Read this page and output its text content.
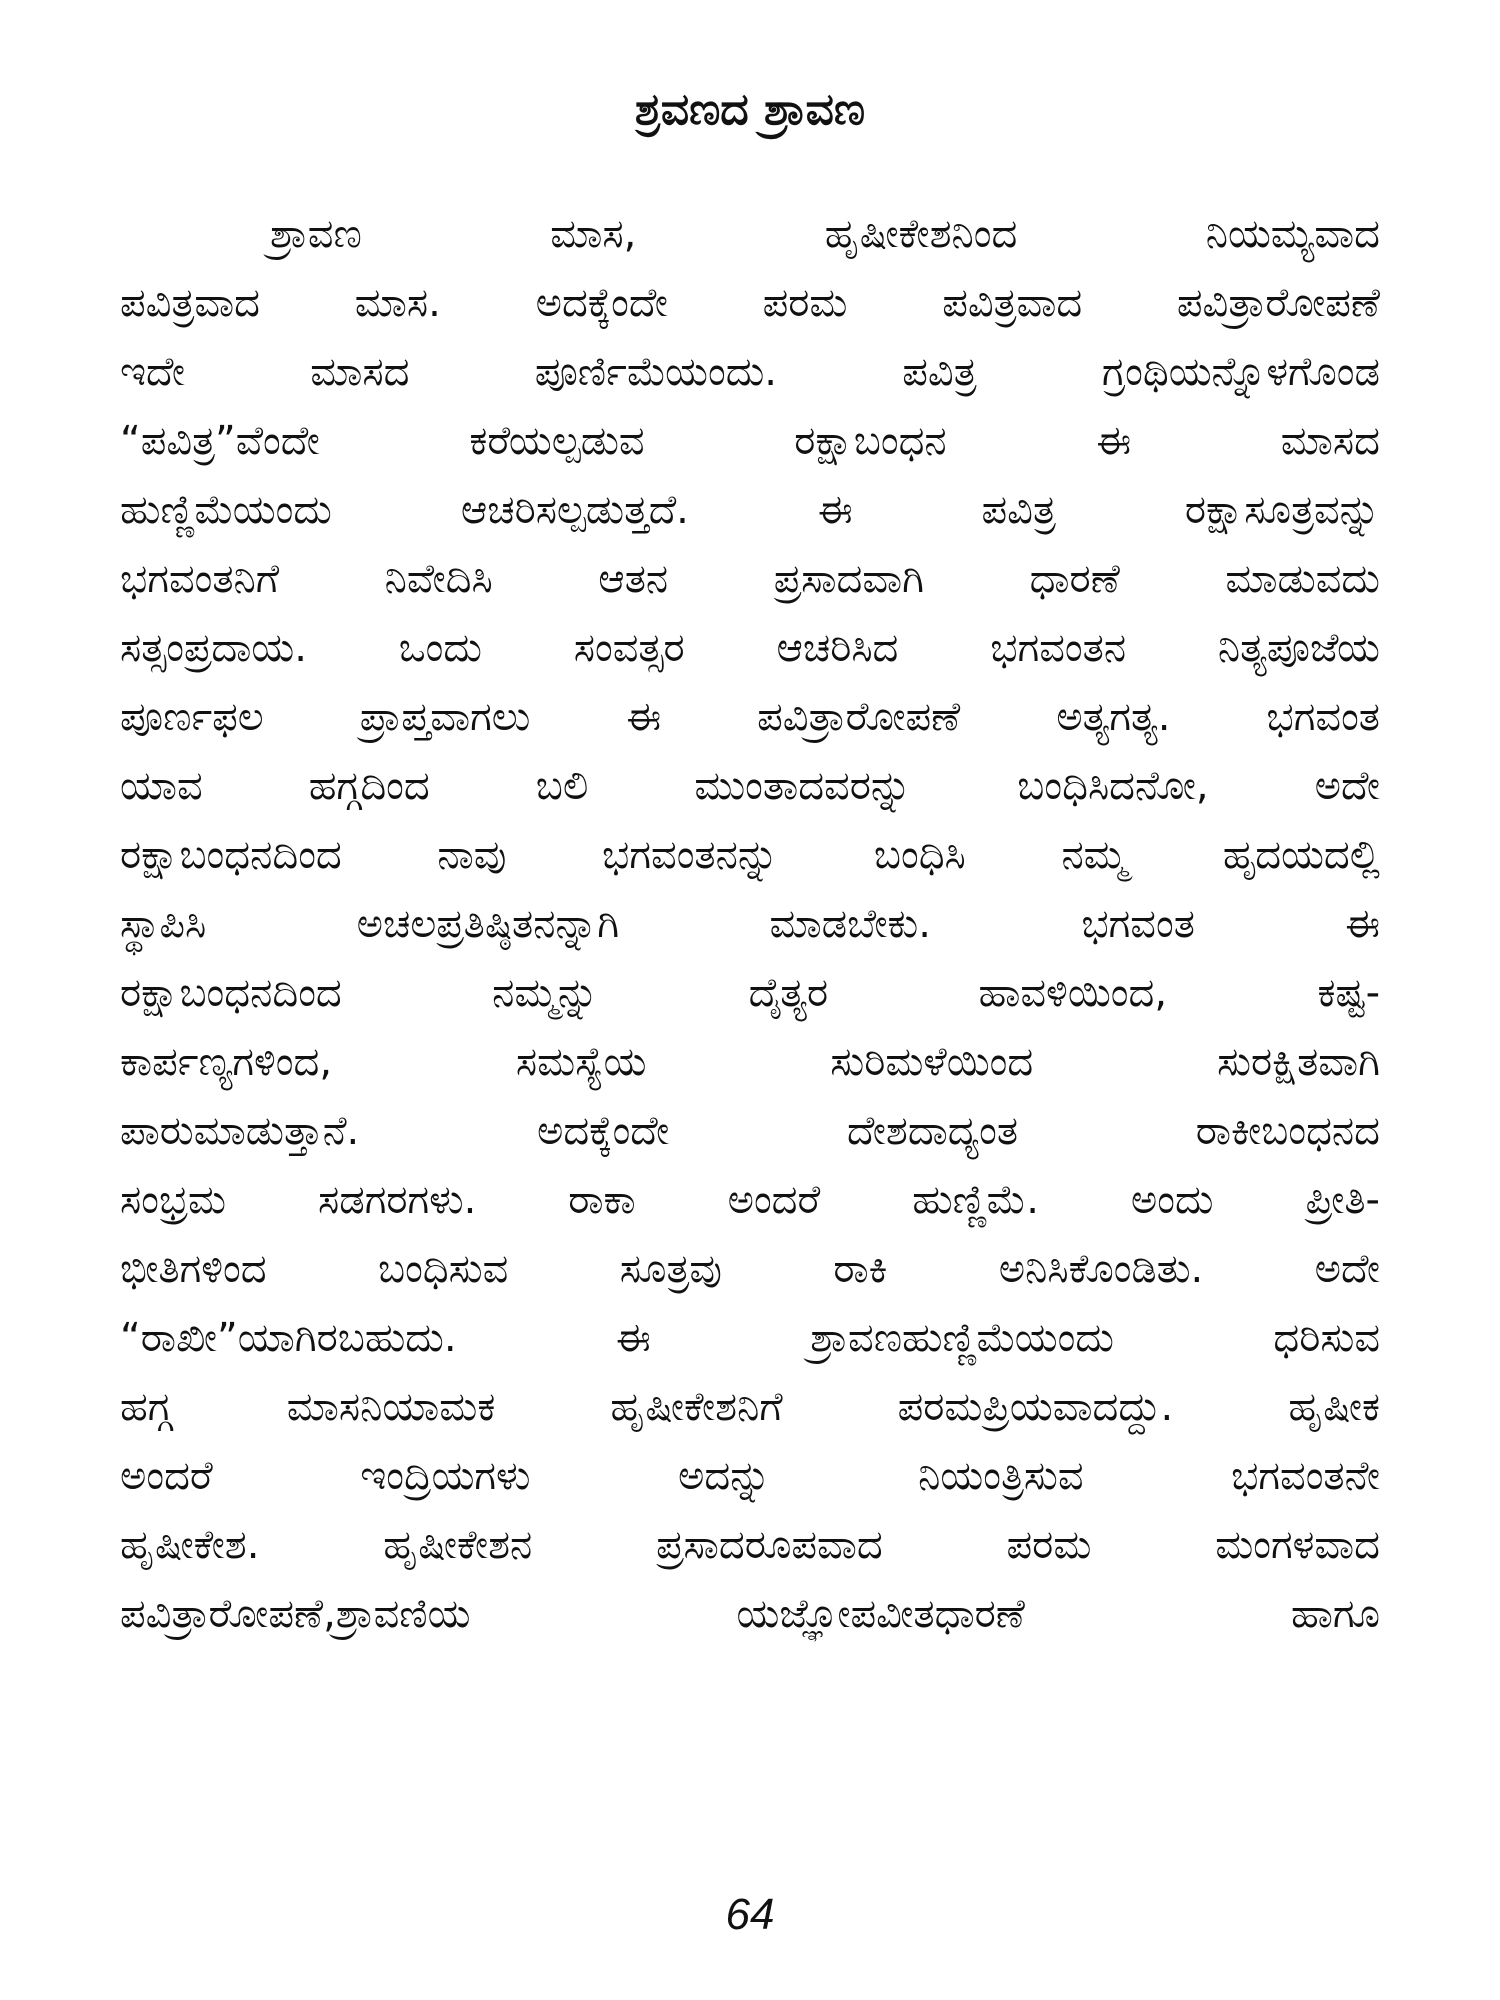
ಶ್ರವಣದ ಶ್ರಾವಣ
ಶ್ರಾವಣ ಮಾಸ, ಹೃಷೀಕೇಶನಿಂದ ನಿಯಮ್ಯವಾದ
ಪವಿತ್ರವಾದ ಮಾಸ. ಅದಕ್ಕೆಂದೇ ಪರಮ ಪವಿತ್ರವಾದ ಪವಿತ್ರಾರೋಪಣೆ
ಇದೇ ಮಾಸದ ಪೂರ್ಣಿಮೆಯಂದು. ಪವಿತ್ರ ಗ್ರಂಥಿಯನ್ನೊಳಗೊಂಡ
“ಪವಿತ್ರ”ವೆಂದೇ ಕರೆಯಲ್ಪಡುವ ರಕ್ಷಾಬಂಧನ ಈ ಮಾಸದ
ಹುಣ್ಣಿಮೆಯಂದು ಆಚರಿಸಲ್ಪಡುತ್ತದೆ. ಈ ಪವಿತ್ರ ರಕ್ಷಾಸೂತ್ರವನ್ನು
ಭಗವಂತನಿಗೆ ನಿವೇದಿಸಿ ಆತನ ಪ್ರಸಾದವಾಗಿ ಧಾರಣೆ ಮಾಡುವದು
ಸತ್ಸಂಪ್ರದಾಯ. ಒಂದು ಸಂವತ್ಸರ ಆಚರಿಸಿದ ಭಗವಂತನ ನಿತ್ಯಪೂಜೆಯ
ಪೂರ್ಣಫಲ ಪ್ರಾಪ್ತವಾಗಲು ಈ ಪವಿತ್ರಾರೋಪಣೆ ಅತ್ಯಗತ್ಯ. ಭಗವಂತ
ಯಾವ ಹಗ್ಗದಿಂದ ಬಲಿ ಮುಂತಾದವರನ್ನು ಬಂಧಿಸಿದನೋ, ಅದೇ
ರಕ್ಷಾಬಂಧನದಿಂದ ನಾವು ಭಗವಂತನನ್ನು ಬಂಧಿಸಿ ನಮ್ಮ ಹೃದಯದಲ್ಲಿ
ಸ್ಥಾಪಿಸಿ ಅಚಲಪ್ರತಿಷ್ಠಿತನನ್ನಾಗಿ ಮಾಡಬೇಕು. ಭಗವಂತ ಈ
ರಕ್ಷಾಬಂಧನದಿಂದ ನಮ್ಮನ್ನು ದೈತ್ಯರ ಹಾವಳಿಯಿಂದ, ಕಷ್ಟ-
ಕಾರ್ಪಣ್ಯಗಳಿಂದ, ಸಮಸ್ಯೆಯ ಸುರಿಮಳೆಯಿಂದ ಸುರಕ್ಷಿತವಾಗಿ
ಪಾರುಮಾಡುತ್ತಾನೆ. ಅದಕ್ಕೆಂದೇ ದೇಶದಾದ್ಯಂತ ರಾಕೀಬಂಧನದ
ಸಂಭ್ರಮ ಸಡಗರಗಳು. ರಾಕಾ ಅಂದರೆ ಹುಣ್ಣಿಮೆ. ಅಂದು ಪ್ರೀತಿ-
ಭೀತಿಗಳಿಂದ ಬಂಧಿಸುವ ಸೂತ್ರವು ರಾಕಿ ಅನಿಸಿಕೊಂಡಿತು. ಅದೇ
“ರಾಖೀ”ಯಾಗಿರಬಹುದು. ಈ ಶ್ರಾವಣಹುಣ್ಣಿಮೆಯಂದು ಧರಿಸುವ
ಹಗ್ಗ ಮಾಸನಿಯಾಮಕ ಹೃಷೀಕೇಶನಿಗೆ ಪರಮಪ್ರಿಯವಾದದ್ದು. ಹೃಷೀಕ
ಅಂದರೆ ಇಂದ್ರಿಯಗಳು ಅದನ್ನು ನಿಯಂತ್ರಿಸುವ ಭಗವಂತನೇ
ಹೃಷೀಕೇಶ. ಹೃಷೀಕೇಶನ ಪ್ರಸಾದರೂಪವಾದ ಪರಮ ಮಂಗಳವಾದ
ಪವಿತ್ರಾರೋಪಣೆ,ಶ್ರಾವಣಿಯ ಯಜ್ಞೋಪವೀತಧಾರಣೆ ಹಾಗೂ
64
